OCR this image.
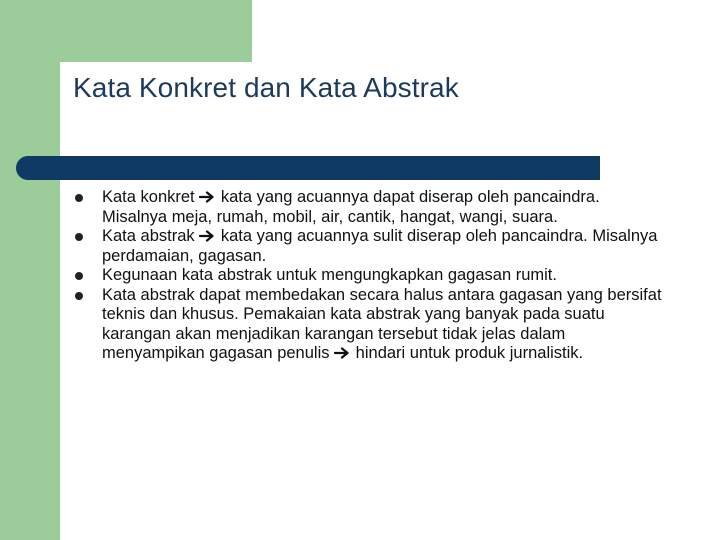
Kata Konkret dan Kata Abstrak
Kata konkret kata yang acuannya dapat diserap oleh pancaindra. Misalnya meja, rumah, mobil, air, cantik, hangat, wangi, suara.
Kata abstrak kata yang acuannya sulit diserap oleh pancaindra. Misalnya perdamaian, gagasan.
Kegunaan kata abstrak untuk mengungkapkan gagasan rumit.
Kata abstrak dapat membedakan secara halus antara gagasan yang bersifat teknis dan khusus. Pemakaian kata abstrak yang banyak pada suatu karangan akan menjadikan karangan tersebut tidak jelas dalam menyampikan gagasan penulis hindari untuk produk jurnalistik.
